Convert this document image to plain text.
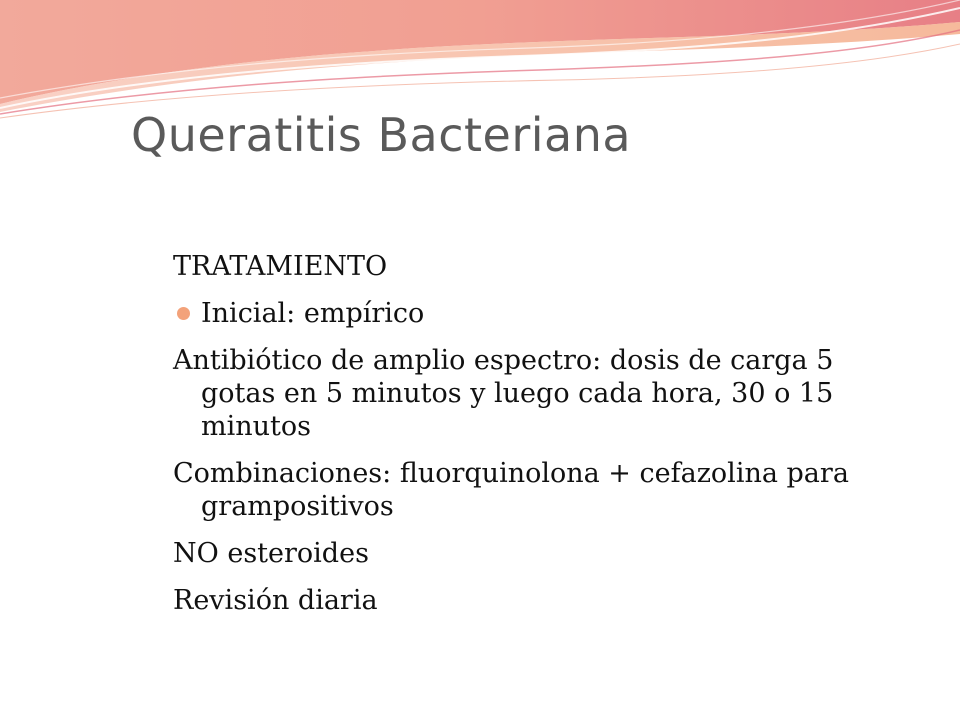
Queratitis Bacteriana

TRATAMIENTO

Inicial: empírico

Antibiótico de amplio espectro: dosis de carga 5 gotas en 5 minutos y luego cada hora, 30 o 15 minutos

Combinaciones: fluorquinolona + cefazolina para grampositivos

NO esteroides

Revisión diaria
